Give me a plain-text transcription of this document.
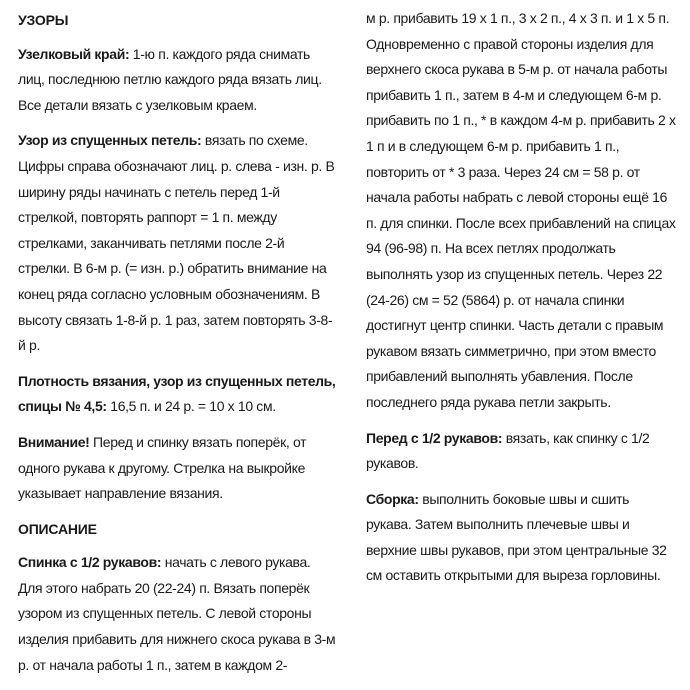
УЗОРЫ

Узелковый край: 1-ю п. каждого ряда снимать лиц, последнюю петлю каждого ряда вязать лиц. Все детали вязать с узелковым краем.

Узор из спущенных петель: вязать по схеме. Цифры справа обозначают лиц. р. слева - изн. р. В ширину ряды начинать с петель перед 1-й стрелкой, повторять раппорт = 1 п. между стрелками, заканчивать петлями после 2-й стрелки. В 6-м р. (= изн. р.) обратить внимание на конец ряда согласно условным обозначениям. В высоту связать 1-8-й р. 1 раз, затем повторять 3-8-й р.

Плотность вязания, узор из спущенных петель, спицы № 4,5: 16,5 п. и 24 р. = 10 х 10 см.

Внимание! Перед и спинку вязать поперёк, от одного рукава к другому. Стрелка на выкройке указывает направление вязания.

ОПИСАНИЕ

Спинка с 1/2 рукавов: начать с левого рукава. Для этого набрать 20 (22-24) п. Вязать поперёк узором из спущенных петель. С левой стороны изделия прибавить для нижнего скоса рукава в 3-м р. от начала работы 1 п., затем в каждом 2-

м р. прибавить 19 х 1 п., 3 х 2 п., 4 х 3 п. и 1 х 5 п. Одновременно с правой стороны изделия для верхнего скоса рукава в 5-м р. от начала работы прибавить 1 п., затем в 4-м и следующем 6-м р. прибавить по 1 п., * в каждом 4-м р. прибавить 2 х 1 п и в следующем 6-м р. прибавить 1 п., повторить от * 3 раза. Через 24 см = 58 р. от начала работы набрать с левой стороны ещё 16 п. для спинки. После всех прибавлений на спицах 94 (96-98) п. На всех петлях продолжать выполнять узор из спущенных петель. Через 22 (24-26) см = 52 (5864) р. от начала спинки достигнут центр спинки. Часть детали с правым рукавом вязать симметрично, при этом вместо прибавлений выполнять убавления. После последнего ряда рукава петли закрыть.

Перед с 1/2 рукавов: вязать, как спинку с 1/2 рукавов.

Сборка: выполнить боковые швы и сшить рукава. Затем выполнить плечевые швы и верхние швы рукавов, при этом центральные 32 см оставить открытыми для выреза горловины.
